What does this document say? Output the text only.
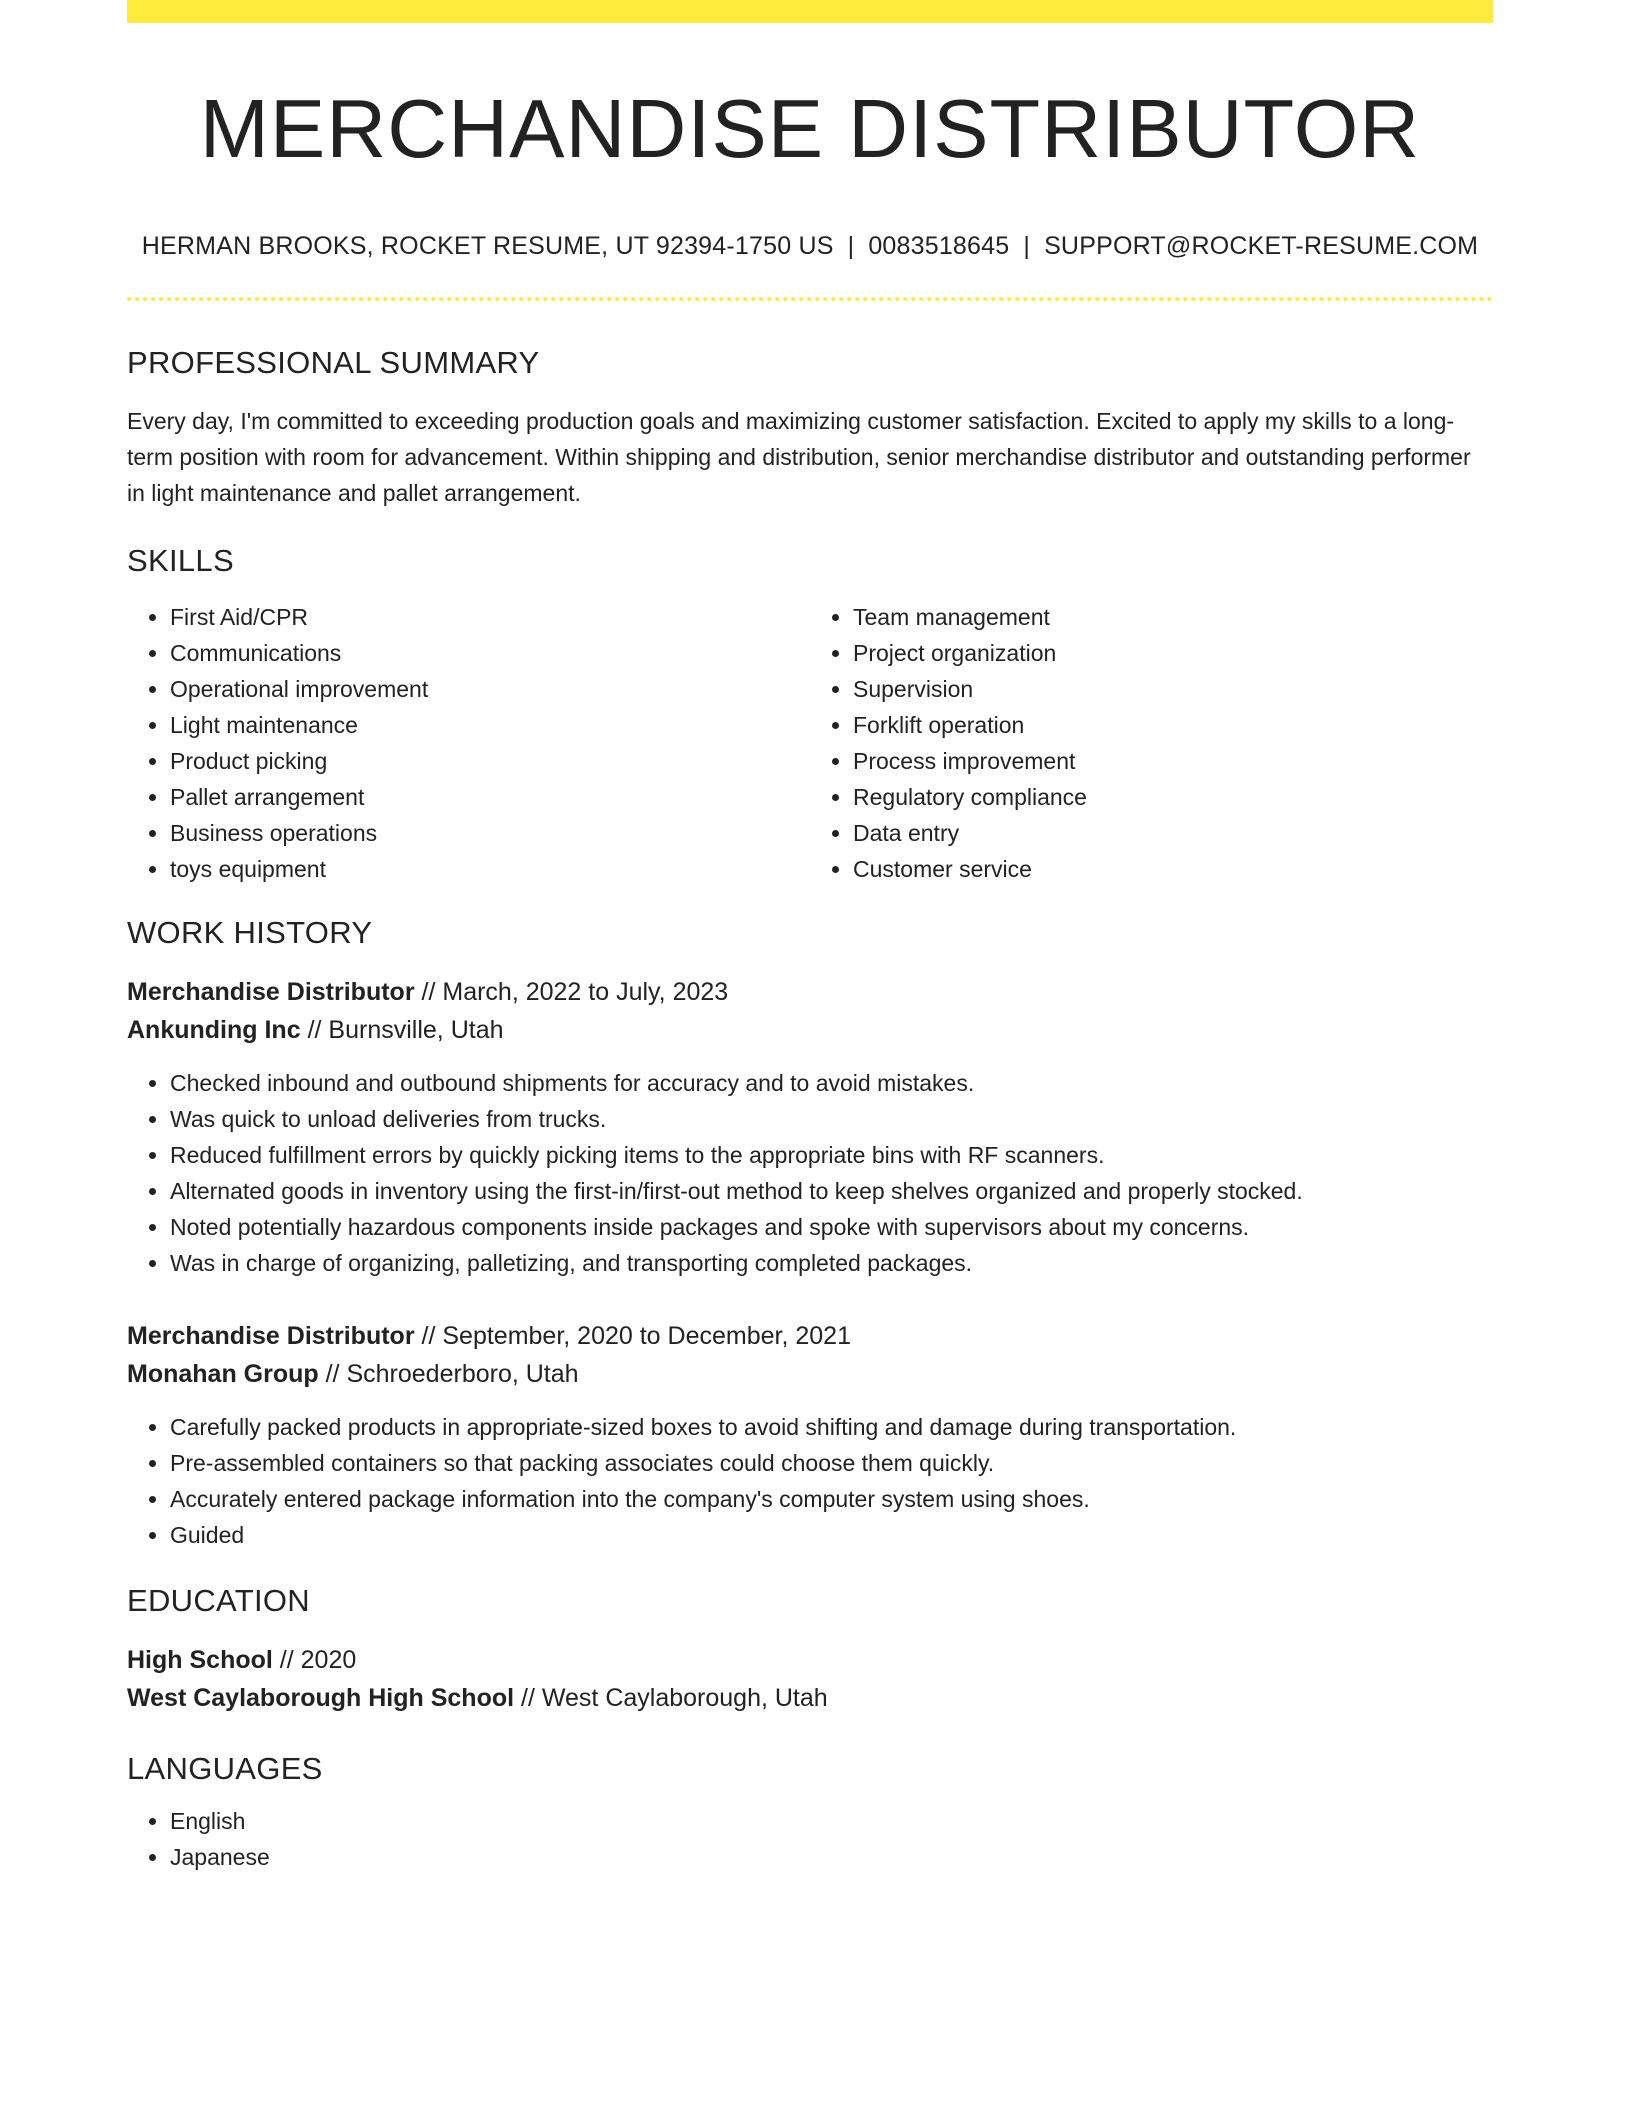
MERCHANDISE DISTRIBUTOR
HERMAN BROOKS, ROCKET RESUME, UT 92394-1750 US | 0083518645 | SUPPORT@ROCKET-RESUME.COM
PROFESSIONAL SUMMARY
Every day, I'm committed to exceeding production goals and maximizing customer satisfaction. Excited to apply my skills to a long-term position with room for advancement. Within shipping and distribution, senior merchandise distributor and outstanding performer in light maintenance and pallet arrangement.
SKILLS
• First Aid/CPR
• Communications
• Operational improvement
• Light maintenance
• Product picking
• Pallet arrangement
• Business operations
• toys equipment
• Team management
• Project organization
• Supervision
• Forklift operation
• Process improvement
• Regulatory compliance
• Data entry
• Customer service
WORK HISTORY
Merchandise Distributor // March, 2022 to July, 2023
Ankunding Inc // Burnsville, Utah
• Checked inbound and outbound shipments for accuracy and to avoid mistakes.
• Was quick to unload deliveries from trucks.
• Reduced fulfillment errors by quickly picking items to the appropriate bins with RF scanners.
• Alternated goods in inventory using the first-in/first-out method to keep shelves organized and properly stocked.
• Noted potentially hazardous components inside packages and spoke with supervisors about my concerns.
• Was in charge of organizing, palletizing, and transporting completed packages.
Merchandise Distributor // September, 2020 to December, 2021
Monahan Group // Schroederboro, Utah
• Carefully packed products in appropriate-sized boxes to avoid shifting and damage during transportation.
• Pre-assembled containers so that packing associates could choose them quickly.
• Accurately entered package information into the company's computer system using shoes.
• Guided
EDUCATION
High School // 2020
West Caylaborough High School // West Caylaborough, Utah
LANGUAGES
• English
• Japanese
